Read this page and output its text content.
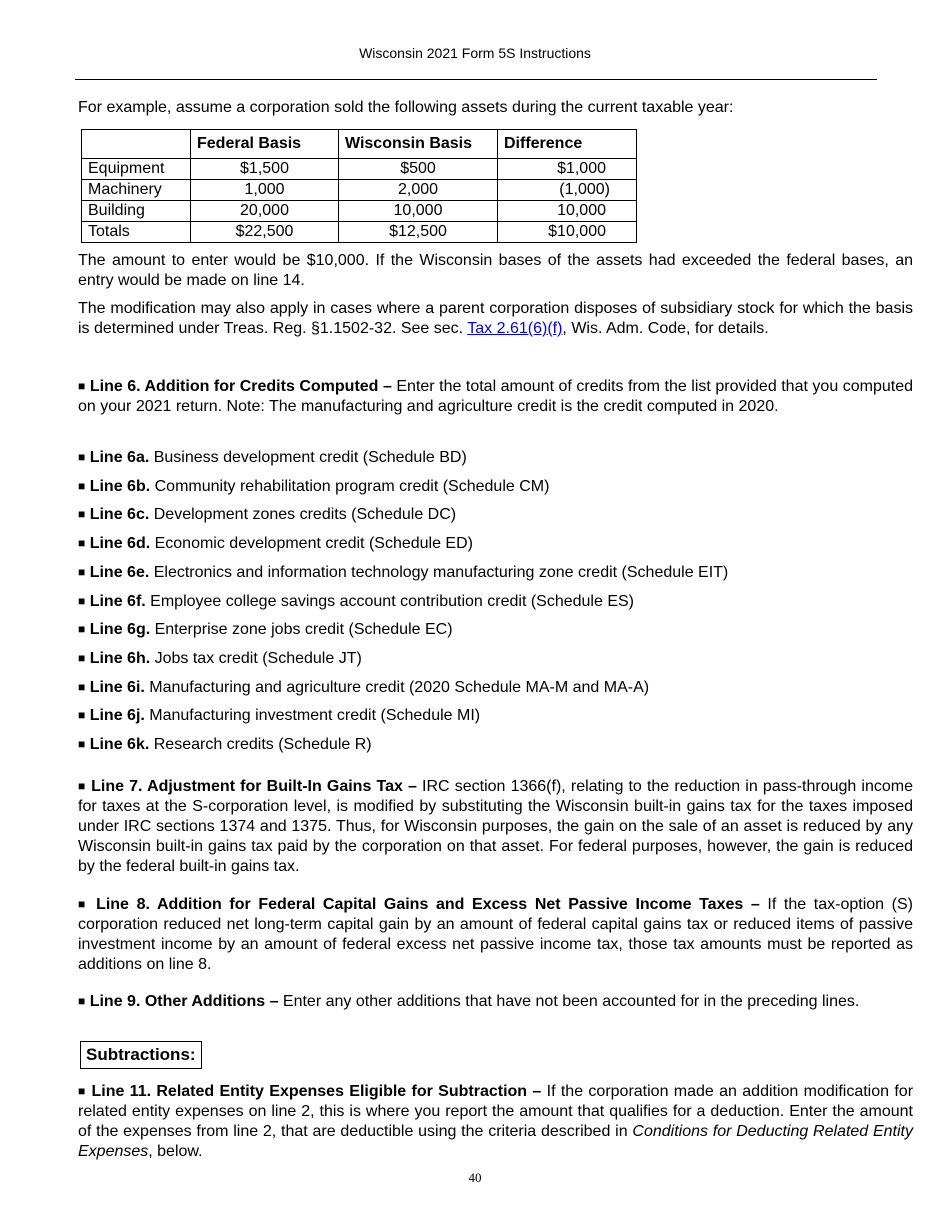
Wisconsin 2021 Form 5S Instructions

For example, assume a corporation sold the following assets during the current taxable year:

	Federal Basis	Wisconsin Basis	Difference
Equipment	$1,500	$500	$1,000
Machinery	1,000	2,000	(1,000)
Building	20,000	10,000	10,000
Totals	$22,500	$12,500	$10,000

The amount to enter would be $10,000. If the Wisconsin bases of the assets had exceeded the federal bases, an entry would be made on line 14.

The modification may also apply in cases where a parent corporation disposes of subsidiary stock for which the basis is determined under Treas. Reg. §1.1502-32. See sec. Tax 2.61(6)(f), Wis. Adm. Code, for details.

■ Line 6. Addition for Credits Computed – Enter the total amount of credits from the list provided that you computed on your 2021 return. Note: The manufacturing and agriculture credit is the credit computed in 2020.

■ Line 6a. Business development credit (Schedule BD)
■ Line 6b. Community rehabilitation program credit (Schedule CM)
■ Line 6c. Development zones credits (Schedule DC)
■ Line 6d. Economic development credit (Schedule ED)
■ Line 6e. Electronics and information technology manufacturing zone credit (Schedule EIT)
■ Line 6f. Employee college savings account contribution credit (Schedule ES)
■ Line 6g. Enterprise zone jobs credit (Schedule EC)
■ Line 6h. Jobs tax credit (Schedule JT)
■ Line 6i. Manufacturing and agriculture credit (2020 Schedule MA-M and MA-A)
■ Line 6j. Manufacturing investment credit (Schedule MI)
■ Line 6k. Research credits (Schedule R)

■ Line 7. Adjustment for Built-In Gains Tax – IRC section 1366(f), relating to the reduction in pass-through income for taxes at the S-corporation level, is modified by substituting the Wisconsin built-in gains tax for the taxes imposed under IRC sections 1374 and 1375. Thus, for Wisconsin purposes, the gain on the sale of an asset is reduced by any Wisconsin built-in gains tax paid by the corporation on that asset. For federal purposes, however, the gain is reduced by the federal built-in gains tax.

■ Line 8. Addition for Federal Capital Gains and Excess Net Passive Income Taxes – If the tax-option (S) corporation reduced net long-term capital gain by an amount of federal capital gains tax or reduced items of passive investment income by an amount of federal excess net passive income tax, those tax amounts must be reported as additions on line 8.

■ Line 9. Other Additions – Enter any other additions that have not been accounted for in the preceding lines.

Subtractions:

■ Line 11. Related Entity Expenses Eligible for Subtraction – If the corporation made an addition modification for related entity expenses on line 2, this is where you report the amount that qualifies for a deduction. Enter the amount of the expenses from line 2, that are deductible using the criteria described in Conditions for Deducting Related Entity Expenses, below.

40
